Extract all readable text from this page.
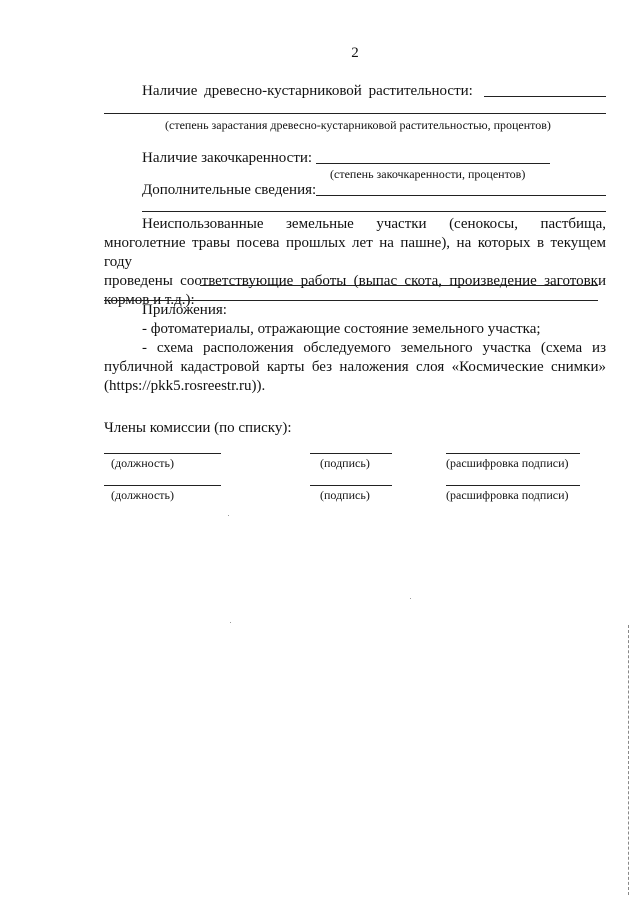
2
Наличие древесно-кустарниковой растительности:
(степень зарастания древесно-кустарниковой растительностью, процентов)
Наличие закочкаренности:
(степень закочкаренности, процентов)
Дополнительные сведения:
Неиспользованные земельные участки (сенокосы, пастбища,
многолетние травы посева прошлых лет на пашне), на которых в текущем году
проведены соответствующие работы (выпас скота, произведение заготовки
кормов и т.д.):
Приложения:
- фотоматериалы, отражающие состояние земельного участка;
- схема расположения обследуемого земельного участка (схема из
публичной кадастровой карты без наложения слоя «Космические снимки»
(https://pkk5.rosreestr.ru)).
Члены комиссии (по списку):
(должность)	(подпись)	(расшифровка подписи)
(должность)	(подпись)	(расшифровка подписи)
